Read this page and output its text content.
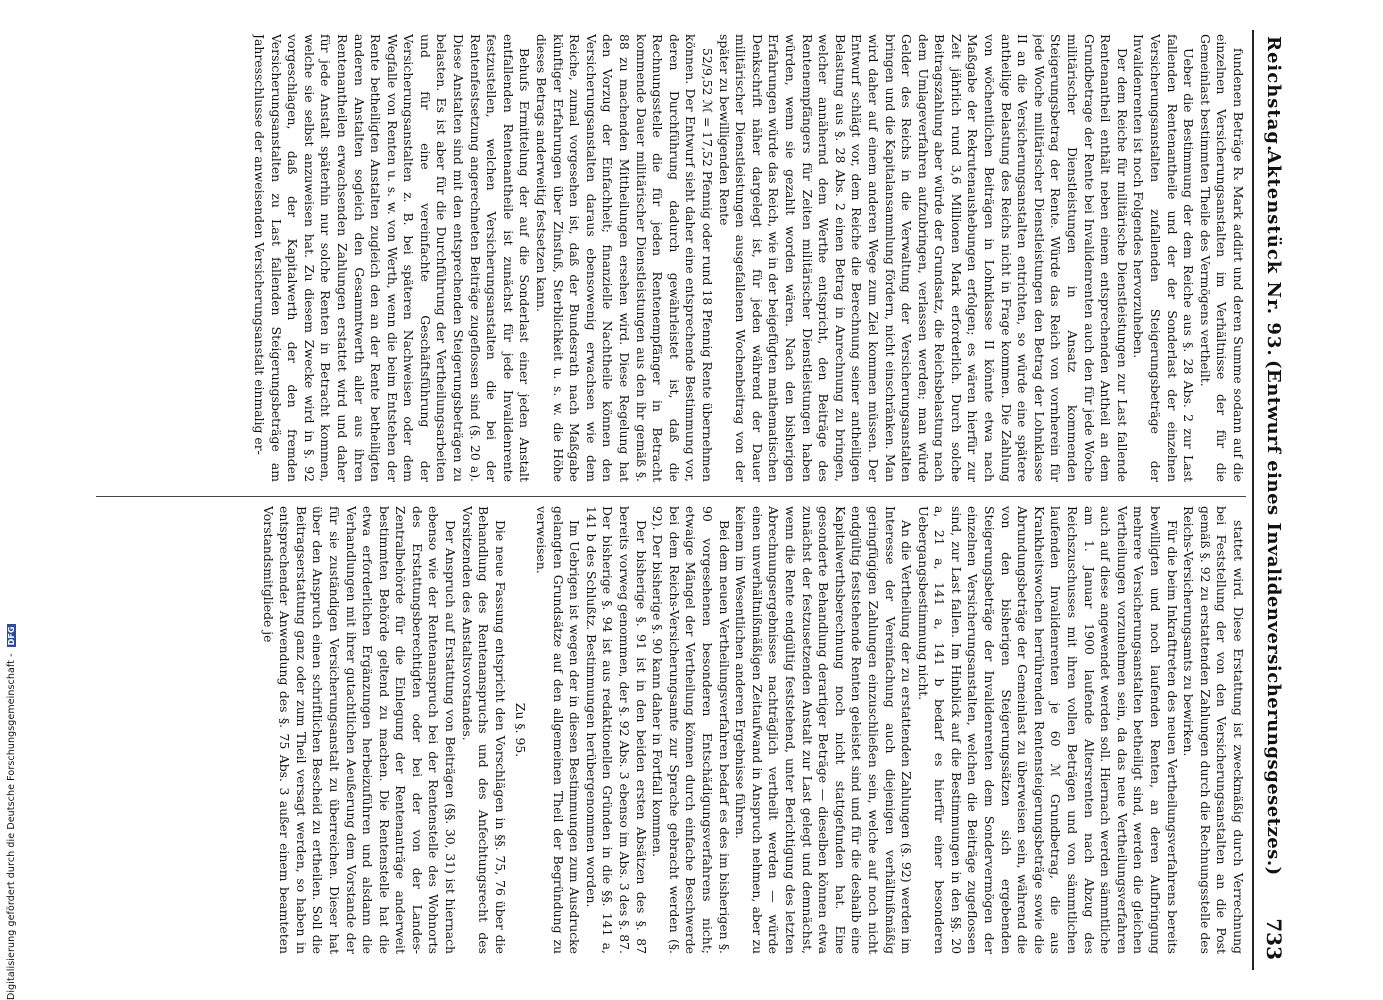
Reichstag.
Aktenstück Nr. 93.
(Entwurf eines Invalidenversicherungsgesetzes.)
733

fundenen Beträge Rₓ Mark addirt und deren Summe sodann auf die einzelnen Versicherungsanstalten im Verhältnisse der für die Gemeinlast bestimmten Theile des Vermögens vertheilt.

Ueber die Bestimmung der dem Reiche aus §. 28 Abs. 2 zur Last fallenden Rentenantheile und der der Sonderlast der einzelnen Versicherungsanstalten zufallenden Steigerungsbeträge der Invalidenrenten ist noch Folgendes hervorzuheben.

Der dem Reiche für militärische Dienstleistungen zur Last fallende Rentenantheil enthält neben einem entsprechenden Antheil an dem Grundbetrage der Rente bei Invalidenrenten auch den für jede Woche militärischer Dienstleistungen in Ansatz kommenden Steigerungsbetrag der Rente. Würde das Reich von vornherein für jede Woche militärischer Dienstleistungen den Betrag der Lohnklasse II an die Versicherungsanstalten entrichten, so würde eine spätere antheilige Belastung des Reichs nicht in Frage kommen. Die Zahlung von wöchentlichen Beiträgen in Lohnklasse II könnte etwa nach Maßgabe der Rekrutenaushebungen erfolgen; es wären hierfür zur Zeit jährlich rund 3,6 Millionen Mark erforderlich. Durch solche Beitragszahlung aber würde der Grundsatz, die Reichsbelastung nach dem Umlageverfahren aufzubringen, verlassen werden; man würde Gelder des Reichs in die Verwaltung der Versicherungsanstalten bringen und die Kapitalansammlung fördern, nicht einschränken. Man wird daher auf einem anderen Wege zum Ziel kommen müssen. Der Entwurf schlägt vor, dem Reiche die Berechnung seiner antheiligen Belastung aus §. 28 Abs. 2 einen Betrag in Anrechnung zu bringen, welcher annähernd dem Werthe entspricht, den Beiträge des Rentenempfängers für Zeiten militärischer Dienstleistungen haben würden, wenn sie gezahlt worden wären. Nach den bisherigen Erfahrungen würde das Reich, wie in der beigefügten mathematischen Denkschrift näher dargelegt ist, für jeden während der Dauer militärischer Dienstleistungen ausgefallenen Wochenbeitrag von der später zu bewilligenden Rente

52/9,52 ℳ = 17,52 Pfennig oder rund 18 Pfennig Rente übernehmen können. Der Entwurf sieht daher eine entsprechende Bestimmung vor, deren Durchführung dadurch gewährleistet ist, daß die Rechnungsstelle die für jeden Rentenempfänger in Betracht kommende Dauer militärischer Dienstleistungen aus den ihr gemäß §. 88 zu machenden Mittheilungen ersehen wird. Diese Regelung hat den Vorzug der Einfachheit; finanzielle Nachtheile können den Versicherungsanstalten daraus ebensowenig erwachsen wie dem Reiche, zumal vorgesehen ist, daß der Bundesrath nach Maßgabe künftiger Erfahrungen über Zinsfuß, Sterblichkeit u. s. w. die Höhe dieses Betrags anderweitig festsetzen kann.

Behufs Ermittelung der auf die Sonderlast einer jeden Anstalt entfallenden Rentenantheile ist zunächst für jede Invalidenrente festzustellen, welchen Versicherungsanstalten die bei der Rentenfestsetzung angerechneten Beiträge zugeflossen sind (§. 20 a). Diese Anstalten sind mit den entsprechenden Steigerungsbeträgen zu belasten. Es ist aber für die Durchführung der Vertheilungsarbeiten und für eine vereinfachte Geschäftsführung der Versicherungsanstalten z. B. bei späteren Nachweisen oder dem Wegfalle von Renten u. s. w. von Werth, wenn die beim Entstehen der Rente betheiligten Anstalten zugleich den an der Rente betheiligten anderen Anstalten sogleich den Gesammtwerth aller aus ihren Rentenantheilen erwachsenden Zahlungen erstattet wird und daher für jede Anstalt späterhin nur solche Renten in Betracht kommen, welche sie selbst anzuweisen hat. Zu diesem Zwecke wird in §. 92 vorgeschlagen, daß der Kapitalwerth der den fremden Versicherungsanstalten zu Last fallenden Steigerungsbeträge am Jahresschlusse der anweisenden Versicherungsanstalt einmalig er-

stattet wird. Diese Erstattung ist zweckmäßig durch Verrechnung bei Feststellung der von den Versicherungsanstalten an die Post gemäß §. 92 zu erstattenden Zahlungen durch die Rechnungsstelle des Reichs-Versicherungsamts zu bewirken.

Für die beim Inkrafttreten des neuen Vertheilungsverfahrens bereits bewilligten und noch laufenden Renten, an deren Aufbringung mehrere Versicherungsanstalten betheiligt sind, werden die gleichen Vertheilungen vorzunehmen sein, da das neue Vertheilungsverfahren auch auf diese angewendet werden soll. Hiernach werden sämmtliche am 1. Januar 1900 laufende Altersrenten nach Abzug des Reichszuschusses mit ihren vollen Beträgen und von sämmtlichen laufenden Invalidenrenten je 60 ℳ Grundbetrag, die aus Krankheitswochen herrührenden Rentensteigerungsbeträge sowie die Abrundungsbeträge der Gemeinlast zu überweisen sein, während die von den bisherigen Steigerungssätzen sich ergebenden Steigerungsbeträge der Invalidenrenten dem Sondervermögen der einzelnen Versicherungsanstalten, welchen die Beiträge zugeflossen sind, zur Last fallen. Im Hinblick auf die Bestimmungen in den §§. 20 a, 21 a, 141 a, 141 b bedarf es hierfür einer besonderen Uebergangsbestimmung nicht.

An die Vertheilung der zu erstattenden Zahlungen (§. 92) werden im Interesse der Vereinfachung auch diejenigen verhältnißmäßig geringfügigen Zahlungen einzuschließen sein, welche auf noch nicht endgültig feststehende Renten geleistet sind und für die deshalb eine Kapitalwerthsberechnung noch nicht stattgefunden hat. Eine gesonderte Behandlung derartiger Beträge — dieselben können etwa zunächst der festzusetzenden Anstalt zur Last gelegt und demnächst, wenn die Rente endgültig feststehend, unter Berichtigung des letzten Abrechnungsergebnisses nachträglich vertheilt werden — würde einen unverhältnißmäßigen Zeitaufwand in Anspruch nehmen, aber zu keinem im Wesentlichen anderen Ergebnisse führen.

Bei dem neuen Vertheilungsverfahren bedarf es des im bisherigen §. 90 vorgesehenen besonderen Entschädigungsverfahrens nicht; etwaige Mängel der Vertheilung können durch einfache Beschwerde bei dem Reichs-Versicherungsamte zur Sprache gebracht werden (§. 92). Der bisherige §. 90 kann daher in Fortfall kommen.

Der bisherige §. 91 ist in den beiden ersten Absätzen des §. 87 bereits vorweg genommen, der §. 92 Abs. 3 ebenso im Abs. 3 des §. 87. Der bisherige §. 94 ist aus redaktionellen Gründen in die §§. 141 a, 141 b des Schlußtz. Bestimmungen herübergenommen worden.

Im Uebrigen ist wegen der in diesen Bestimmungen zum Ausdrucke gelangten Grundsätze auf den allgemeinen Theil der Begründung zu verweisen.

Zu §. 95.

Die neue Fassung entspricht den Vorschlägen in §§. 75, 76 über die Behandlung des Rentenanspruchs und des Anfechtungsrecht des Vorsitzenden des Anstaltsvorstandes.

Der Anspruch auf Erstattung von Beiträgen (§§. 30, 31) ist hiernach ebenso wie der Rentenanspruch bei der Rentenstelle des Wohnorts des Erstattungsberechtigten oder bei der von der Landes-Zentralbehörde für die Einlegung der Rentenanträge anderweit bestimmten Behörde geltend zu machen. Die Rentenstelle hat die etwa erforderlichen Ergänzungen herbeizuführen und alsdann die Verhandlungen mit ihrer gutachtlichen Aeußerung dem Vorstande der für sie zuständigen Versicherungsanstalt zu überreichen. Dieser hat über den Anspruch einen schriftlichen Bescheid zu ertheilen. Soll die Beitragserstattung ganz oder zum Theil versagt werden, so haben in entsprechender Anwendung des §. 75 Abs. 3 außer einem beamteten Vorstandsmitgliede je

Digitalisierung gefördert durch die Deutsche Forschungsgemeinschaft -DFG
